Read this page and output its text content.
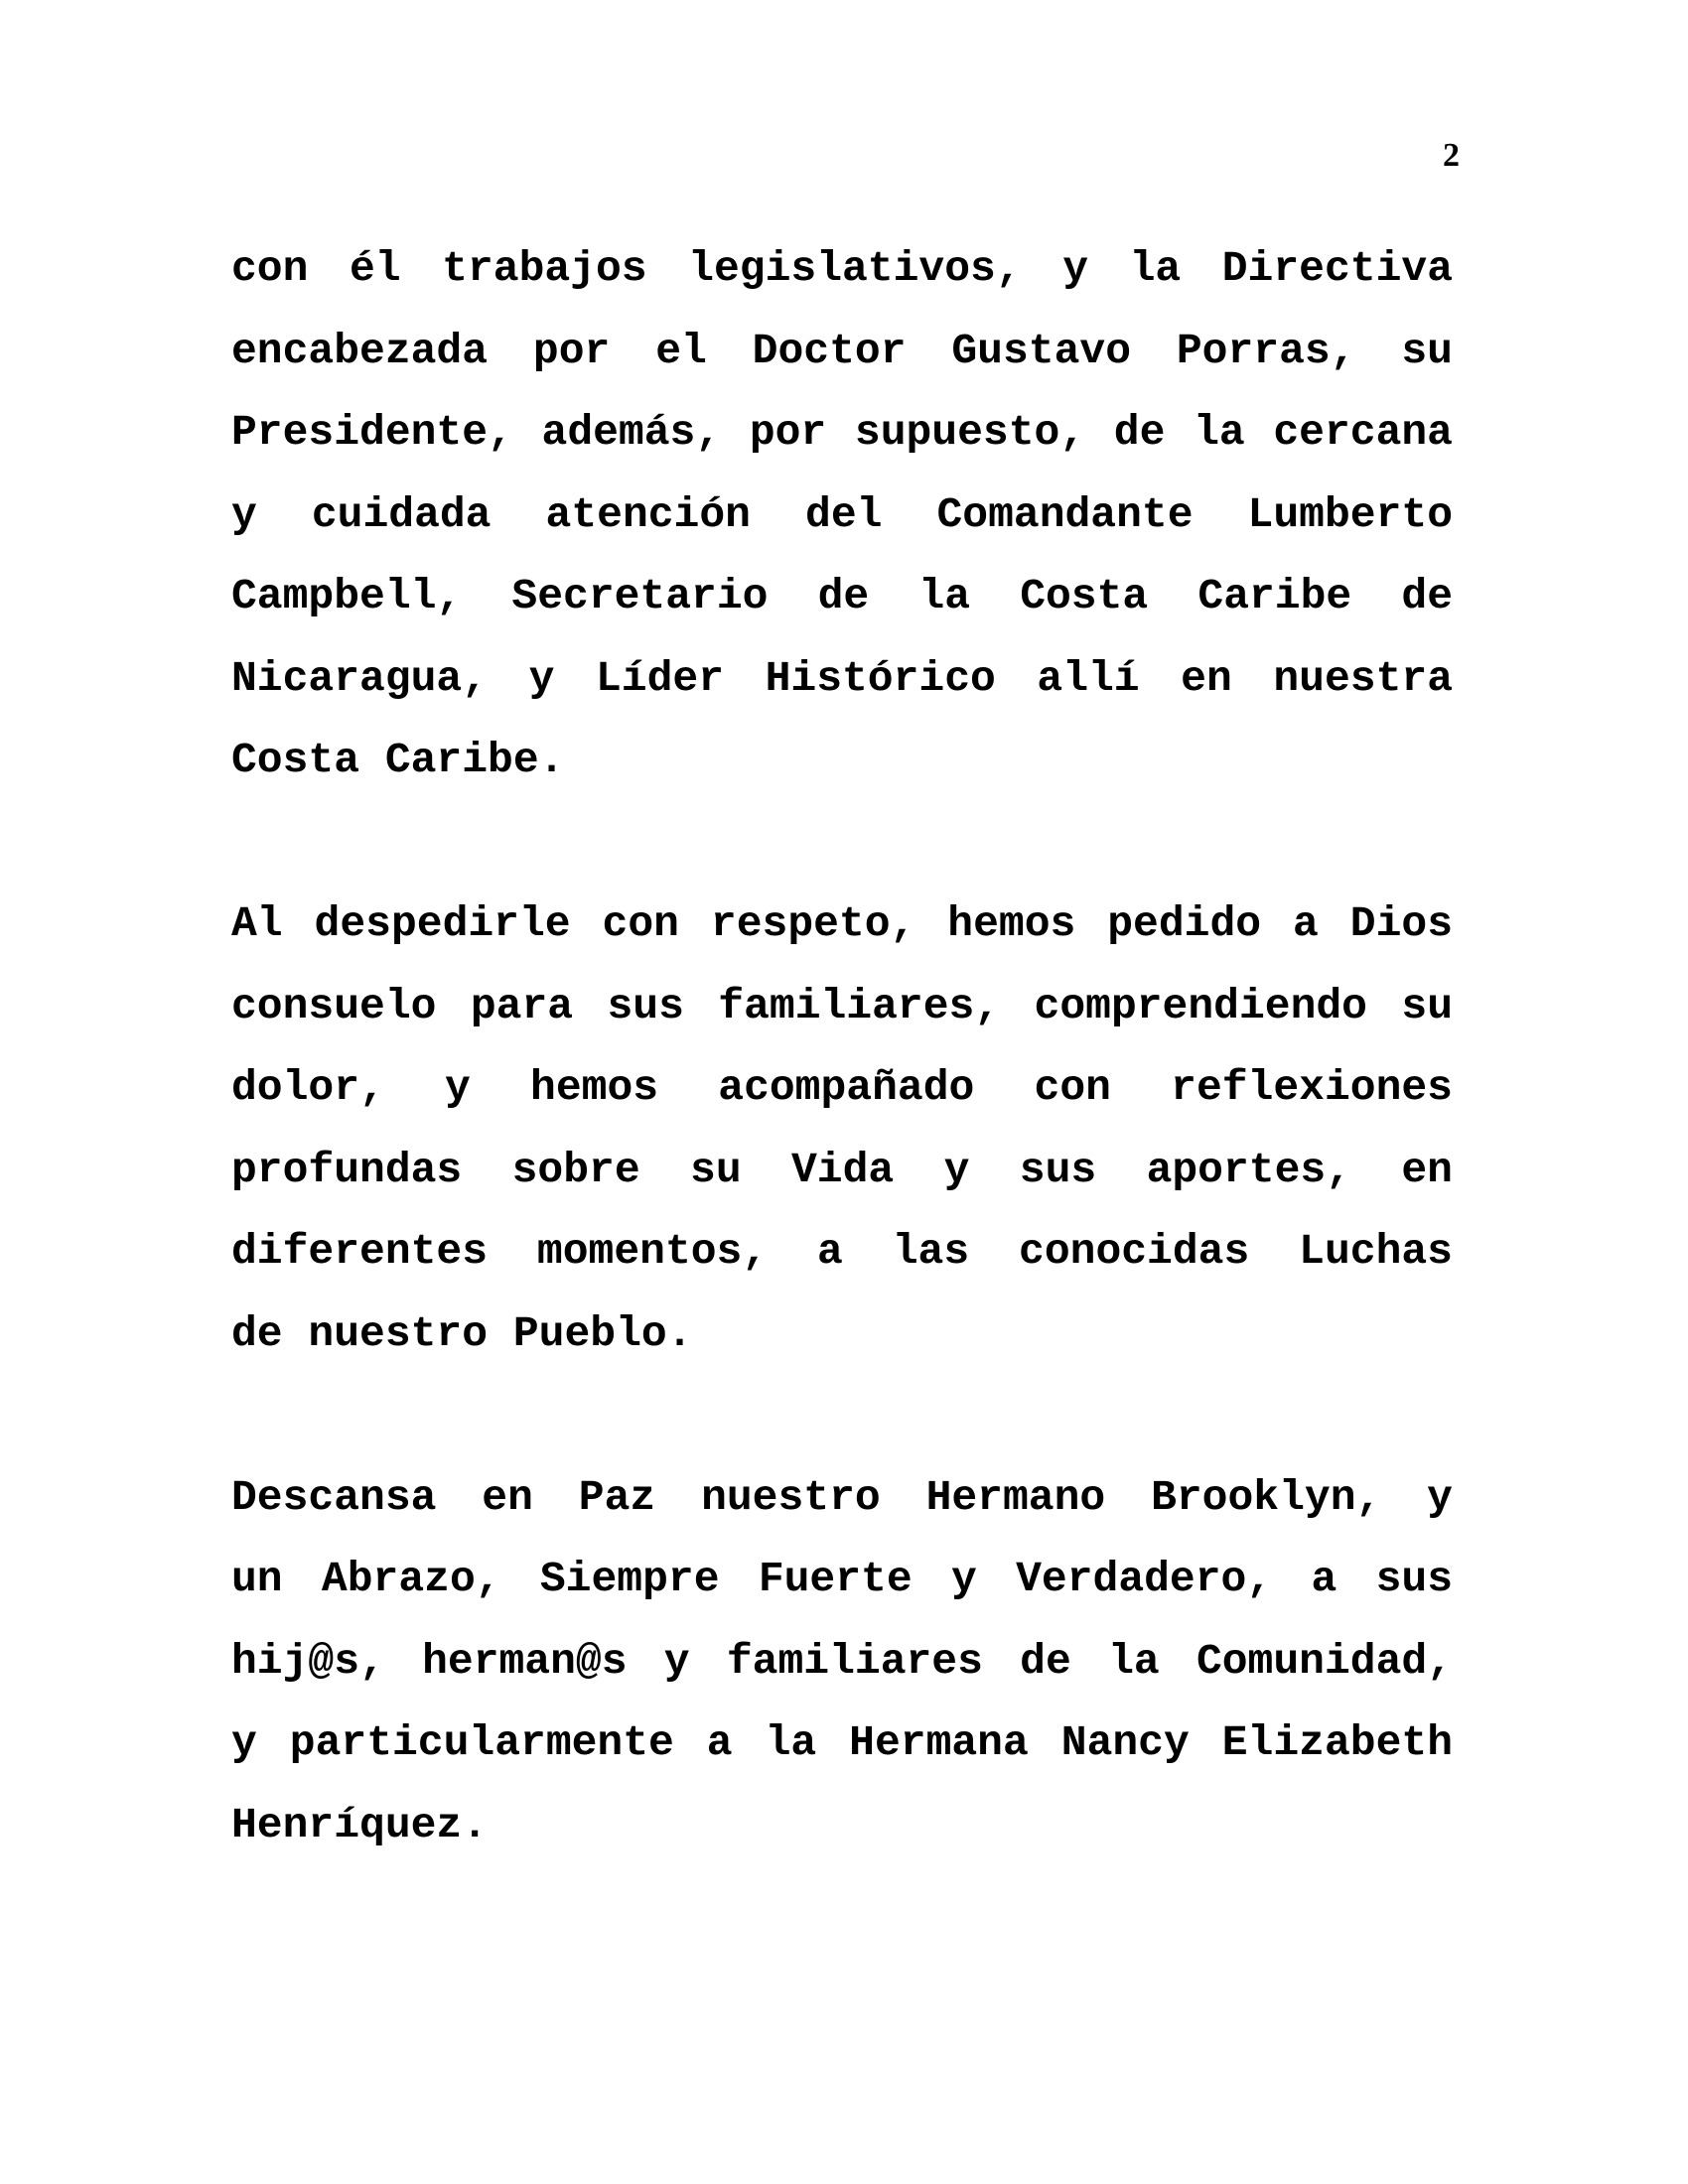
2
con él trabajos legislativos, y la Directiva
encabezada por el Doctor Gustavo Porras, su
Presidente, además, por supuesto, de la cercana
y cuidada atención del Comandante Lumberto
Campbell, Secretario de la Costa Caribe de
Nicaragua, y Líder Histórico allí en nuestra
Costa Caribe.
Al despedirle con respeto, hemos pedido a Dios
consuelo para sus familiares, comprendiendo su
dolor, y hemos acompañado con reflexiones
profundas sobre su Vida y sus aportes, en
diferentes momentos, a las conocidas Luchas
de nuestro Pueblo.
Descansa en Paz nuestro Hermano Brooklyn, y
un Abrazo, Siempre Fuerte y Verdadero, a sus
hij@s, herman@s y familiares de la Comunidad,
y particularmente a la Hermana Nancy Elizabeth
Henríquez.
